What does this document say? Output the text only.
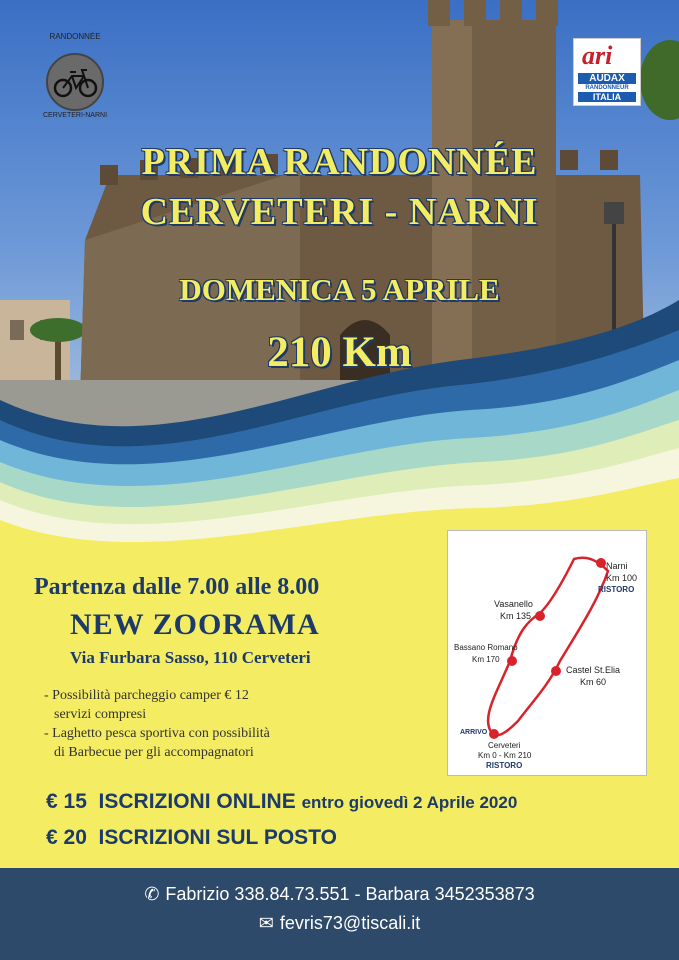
RANDONNÉE
CERVETERI-NARNI
ari
AUDAX
RANDONNEUR
ITALIA
PRIMA RANDONNÉE
CERVETERI - NARNI
DOMENICA 5 APRILE
210 Km
Partenza dalle 7.00 alle 8.00
NEW ZOORAMA
Via Furbara Sasso, 110 Cerveteri
- Possibilità parcheggio camper € 12
servizi compresi
- Laghetto pesca sportiva con possibilità
di Barbecue per gli accompagnatori
Narni
Km 100
RISTORO
Vasanello
Km 135
Bassano Romano
Km 170
Castel St.Elia
Km 60
ARRIVO
Cerveteri
Km 0 - Km 210
RISTORO
€ 15 ISCRIZIONI ONLINE entro giovedì 2 Aprile 2020
€ 20 ISCRIZIONI SUL POSTO
✆ Fabrizio 338.84.73.551 - Barbara 3452353873
✉ fevris73@tiscali.it
